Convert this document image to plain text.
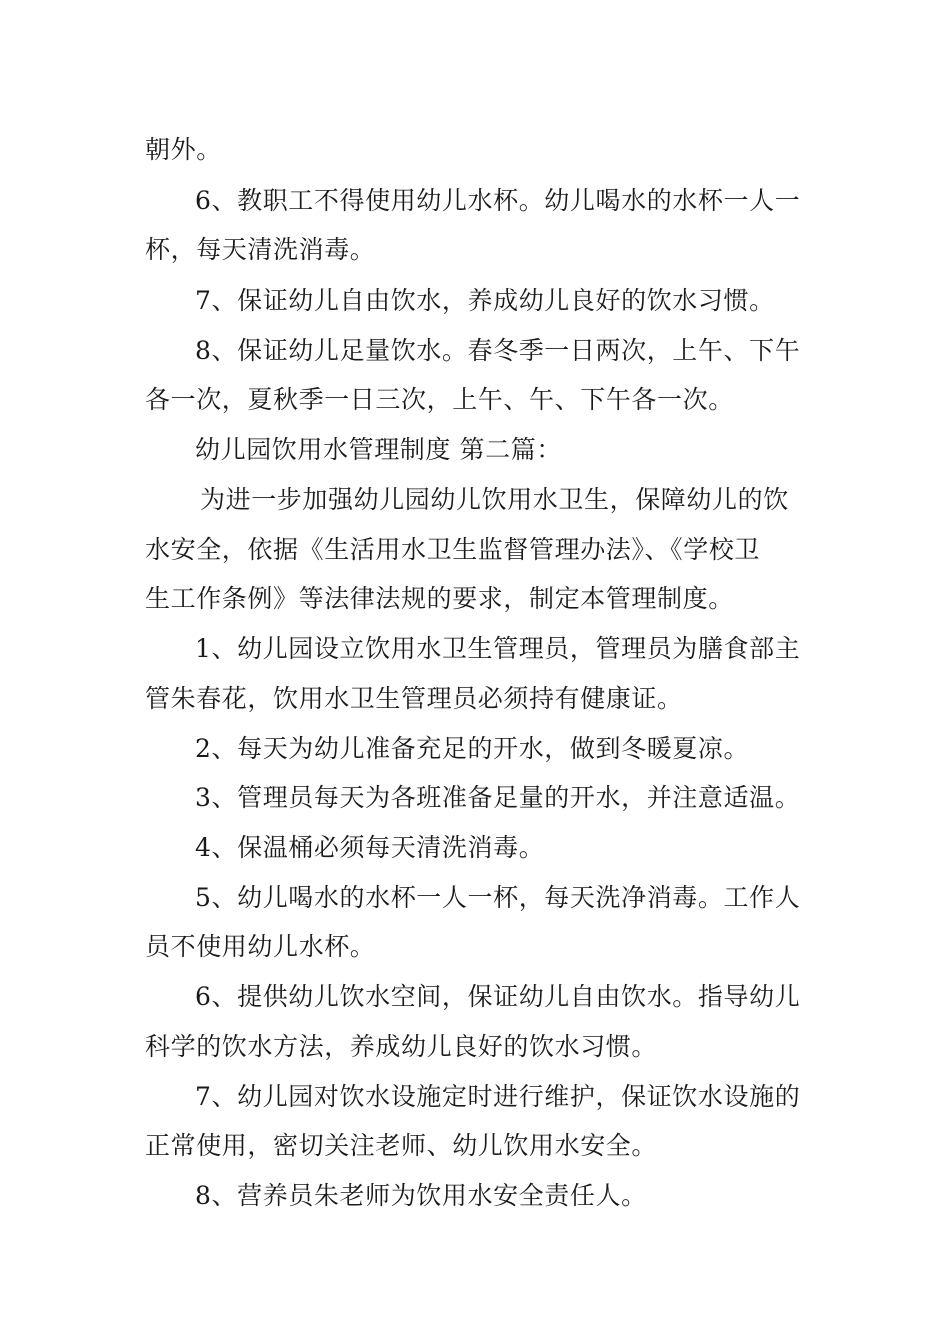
朝外。
6、教职工不得使用幼儿水杯。幼儿喝水的水杯一人一
杯，每天清洗消毒。
7、保证幼儿自由饮水，养成幼儿良好的饮水习惯。
8、保证幼儿足量饮水。春冬季一日两次，上午、下午
各一次，夏秋季一日三次，上午、午、下午各一次。
幼儿园饮用水管理制度 第二篇：
为进一步加强幼儿园幼儿饮用水卫生，保障幼儿的饮
水安全，依据《生活用水卫生监督管理办法》、《学校卫
生工作条例》等法律法规的要求，制定本管理制度。
1、幼儿园设立饮用水卫生管理员，管理员为膳食部主
管朱春花，饮用水卫生管理员必须持有健康证。
2、每天为幼儿准备充足的开水，做到冬暖夏凉。
3、管理员每天为各班准备足量的开水，并注意适温。
4、保温桶必须每天清洗消毒。
5、幼儿喝水的水杯一人一杯，每天洗净消毒。工作人
员不使用幼儿水杯。
6、提供幼儿饮水空间，保证幼儿自由饮水。指导幼儿
科学的饮水方法，养成幼儿良好的饮水习惯。
7、幼儿园对饮水设施定时进行维护，保证饮水设施的
正常使用，密切关注老师、幼儿饮用水安全。
8、营养员朱老师为饮用水安全责任人。
